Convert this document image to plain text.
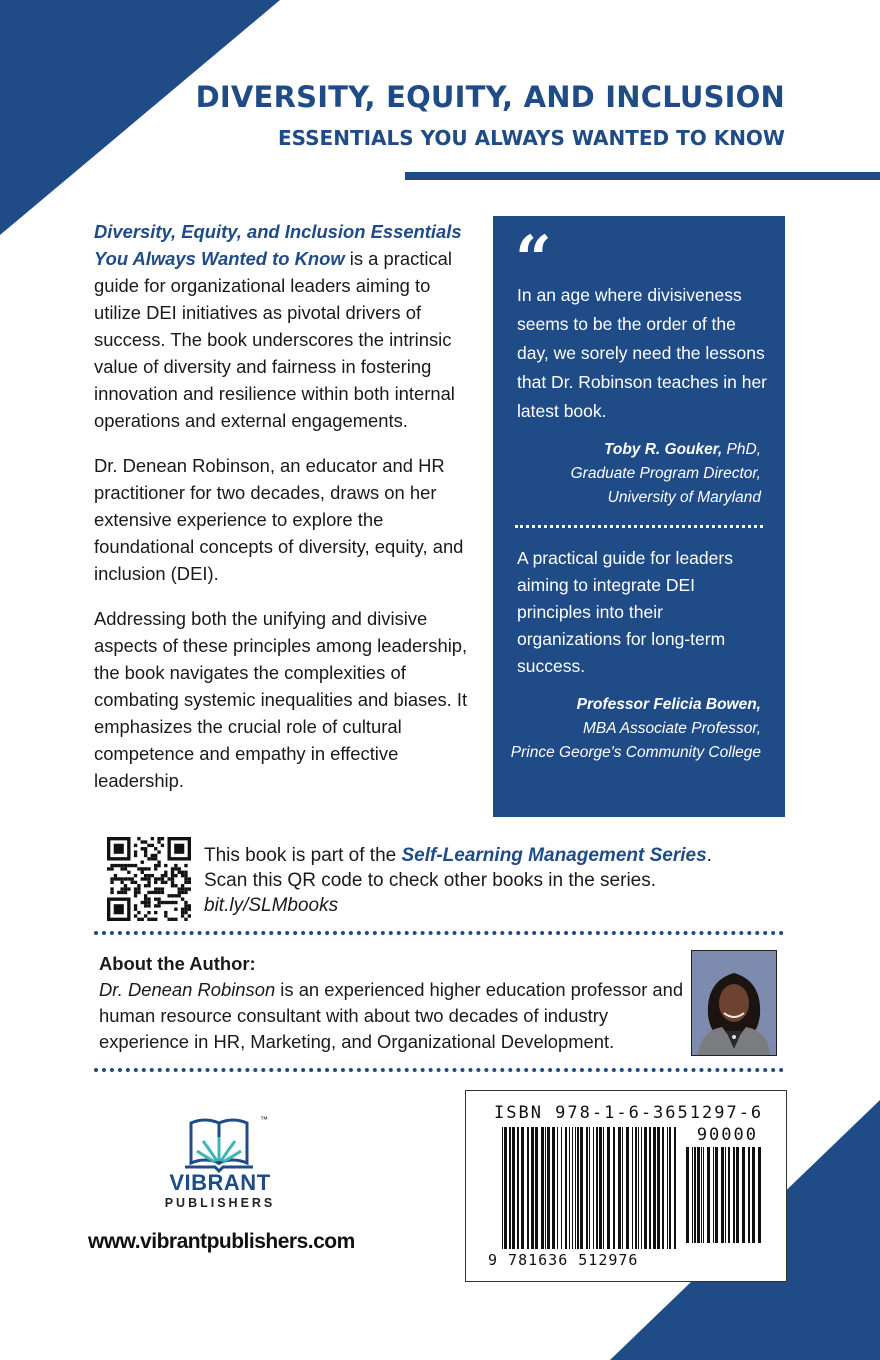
DIVERSITY, EQUITY, AND INCLUSION
ESSENTIALS YOU ALWAYS WANTED TO KNOW

Diversity, Equity, and Inclusion Essentials You Always Wanted to Know is a practical guide for organizational leaders aiming to utilize DEI initiatives as pivotal drivers of success. The book underscores the intrinsic value of diversity and fairness in fostering innovation and resilience within both internal operations and external engagements.

Dr. Denean Robinson, an educator and HR practitioner for two decades, draws on her extensive experience to explore the foundational concepts of diversity, equity, and inclusion (DEI).

Addressing both the unifying and divisive aspects of these principles among leadership, the book navigates the complexities of combating systemic inequalities and biases. It emphasizes the crucial role of cultural competence and empathy in effective leadership.

“
In an age where divisiveness seems to be the order of the day, we sorely need the lessons that Dr. Robinson teaches in her latest book.
Toby R. Gouker, PhD,
Graduate Program Director,
University of Maryland
A practical guide for leaders aiming to integrate DEI principles into their organizations for long-term success.
Professor Felicia Bowen,
MBA Associate Professor,
Prince George's Community College
This book is part of the Self-Learning Management Series.
Scan this QR code to check other books in the series.
bit.ly/SLMbooks
About the Author:
Dr. Denean Robinson is an experienced higher education professor and human resource consultant with about two decades of industry experience in HR, Marketing, and Organizational Development.
™
VIBRANT
PUBLISHERS
www.vibrantpublishers.com
ISBN 978-1-6-3651297-6
90000
9 781636 512976
